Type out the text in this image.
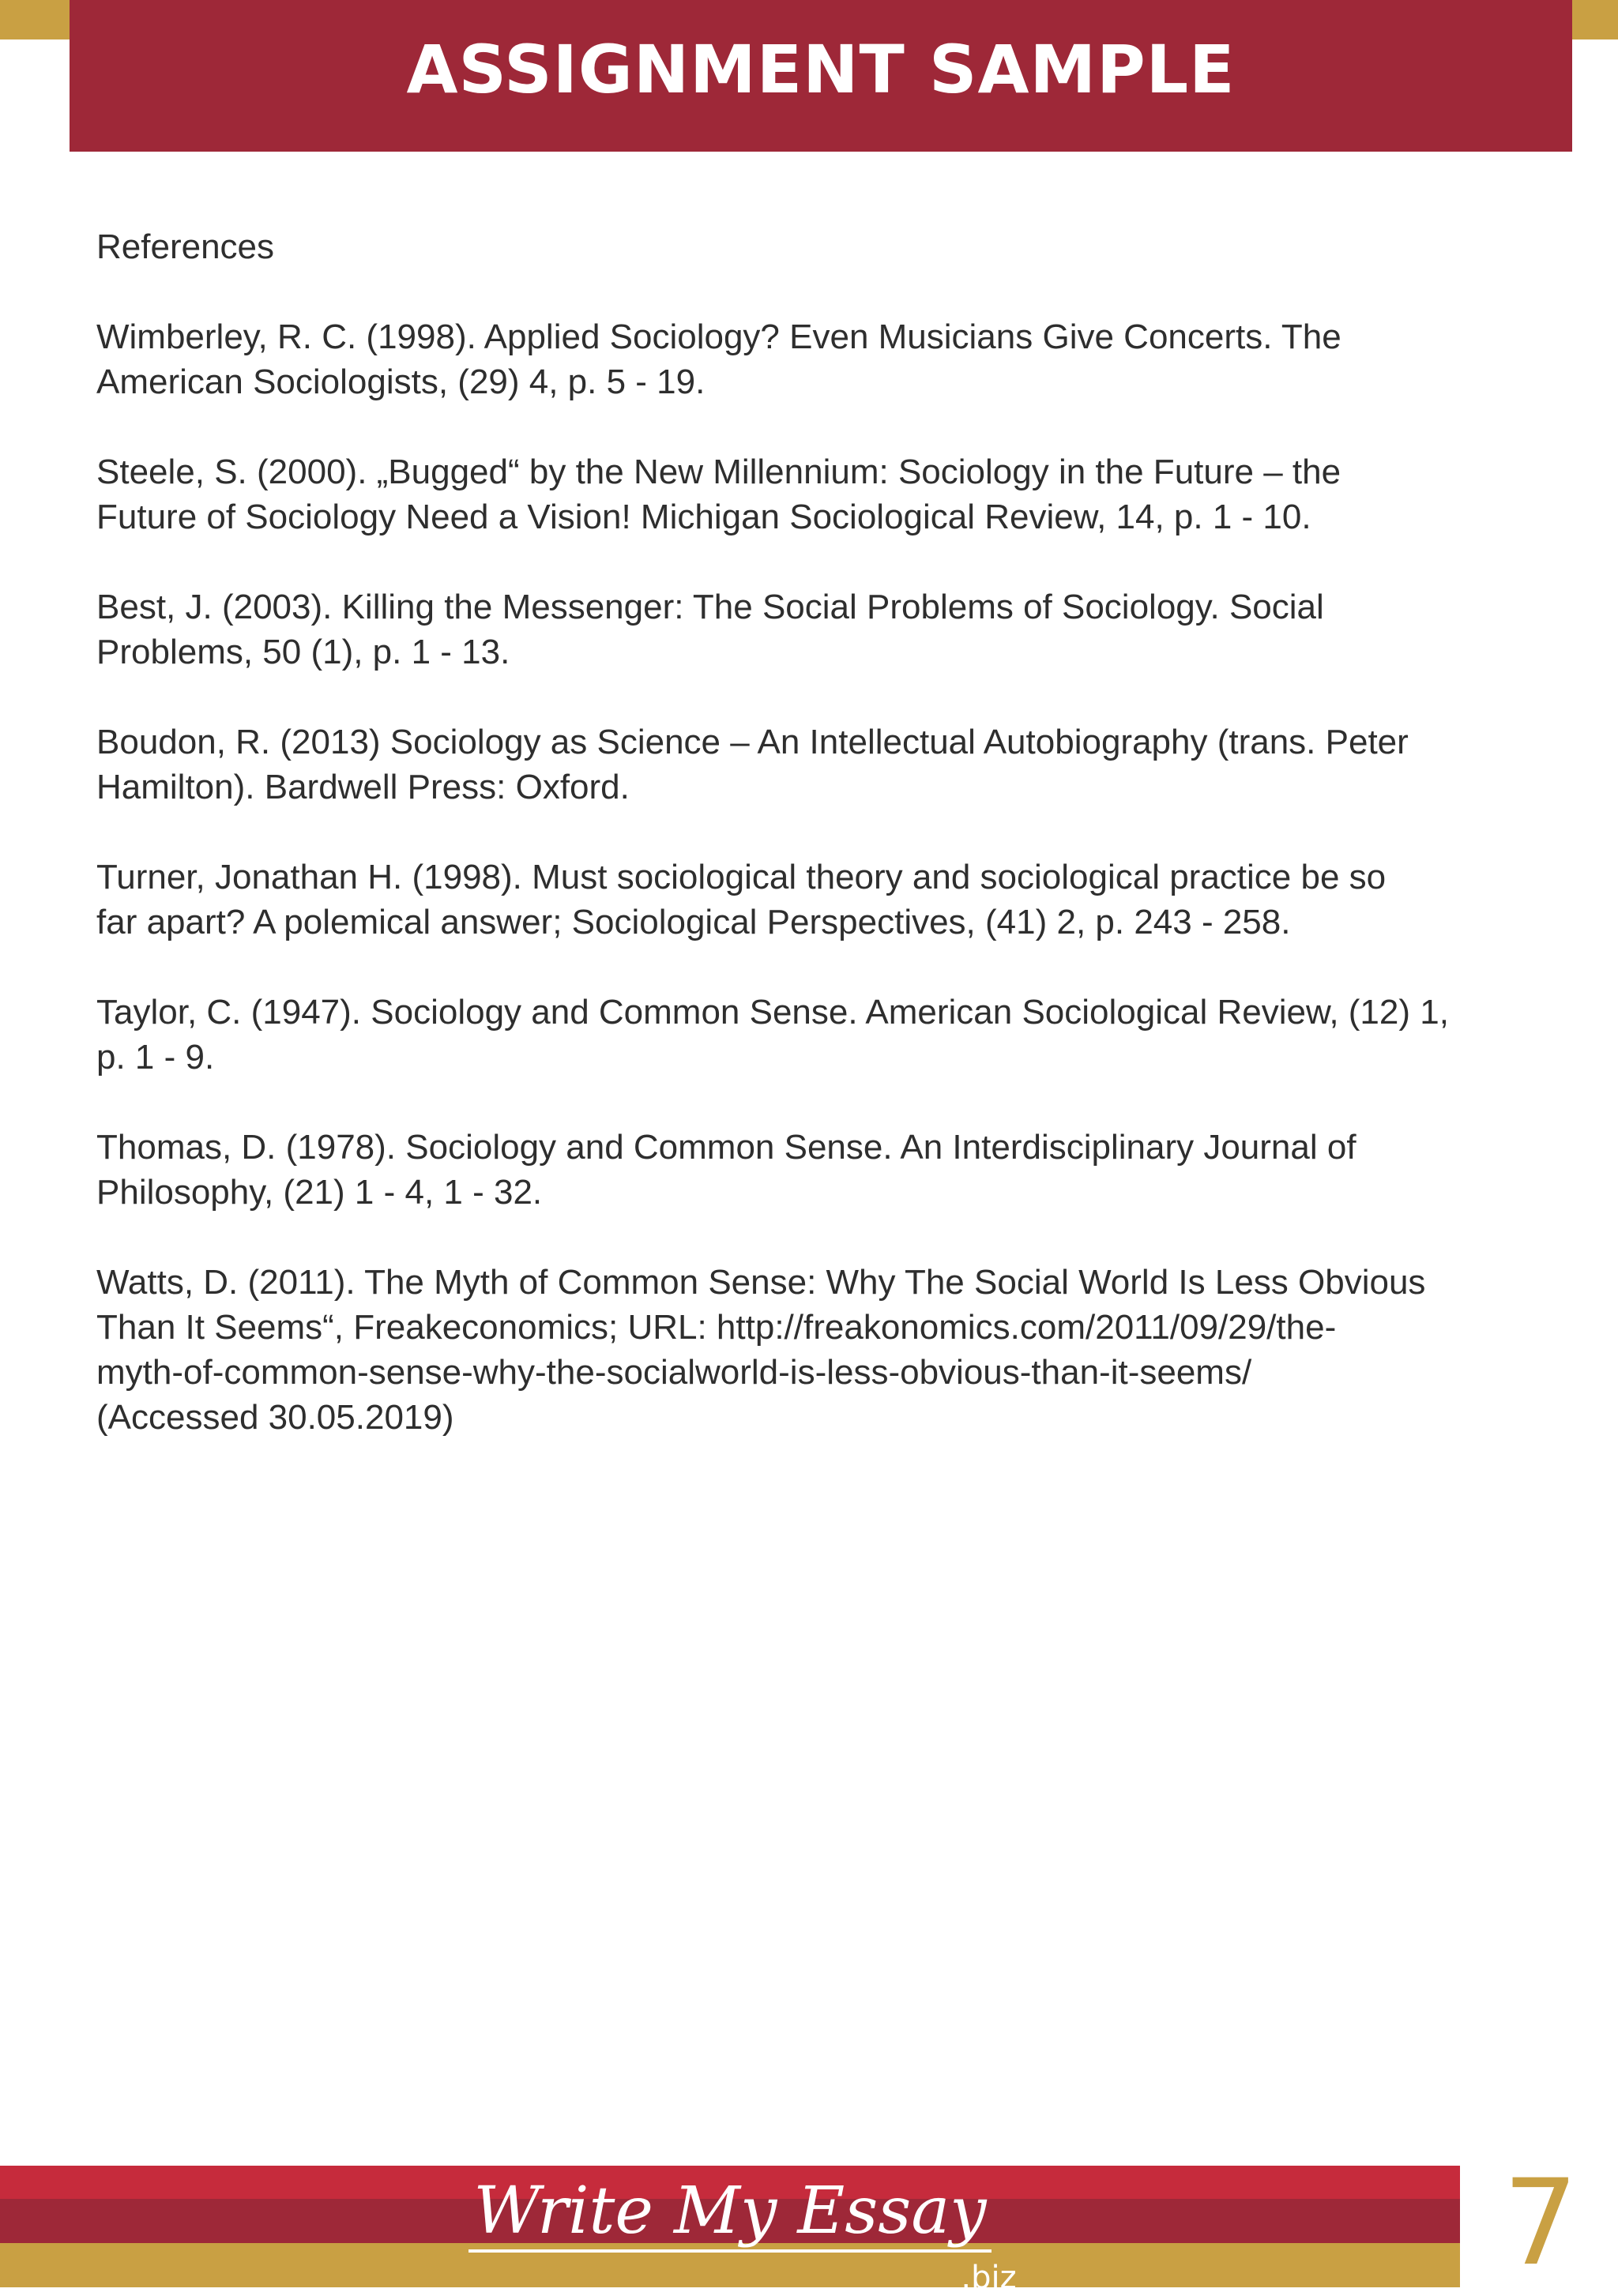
ASSIGNMENT SAMPLE

References

Wimberley, R. C. (1998). Applied Sociology? Even Musicians Give Concerts. The
American Sociologists, (29) 4, p. 5 - 19.

Steele, S. (2000). „Bugged“ by the New Millennium: Sociology in the Future – the
Future of Sociology Need a Vision! Michigan Sociological Review, 14, p. 1 - 10.

Best, J. (2003). Killing the Messenger: The Social Problems of Sociology. Social
Problems, 50 (1), p. 1 - 13.

Boudon, R. (2013) Sociology as Science – An Intellectual Autobiography (trans. Peter
Hamilton). Bardwell Press: Oxford.

Turner, Jonathan H. (1998). Must sociological theory and sociological practice be so
far apart? A polemical answer; Sociological Perspectives, (41) 2, p. 243 - 258.

Taylor, C. (1947). Sociology and Common Sense. American Sociological Review, (12) 1,
p. 1 - 9.

Thomas, D. (1978). Sociology and Common Sense. An Interdisciplinary Journal of
Philosophy, (21) 1 - 4, 1 - 32.

Watts, D. (2011). The Myth of Common Sense: Why The Social World Is Less Obvious
Than It Seems“, Freakeconomics; URL: http://freakonomics.com/2011/09/29/the-
myth-of-common-sense-why-the-socialworld-is-less-obvious-than-it-seems/
(Accessed 30.05.2019)

Write My Essay
.biz	7
